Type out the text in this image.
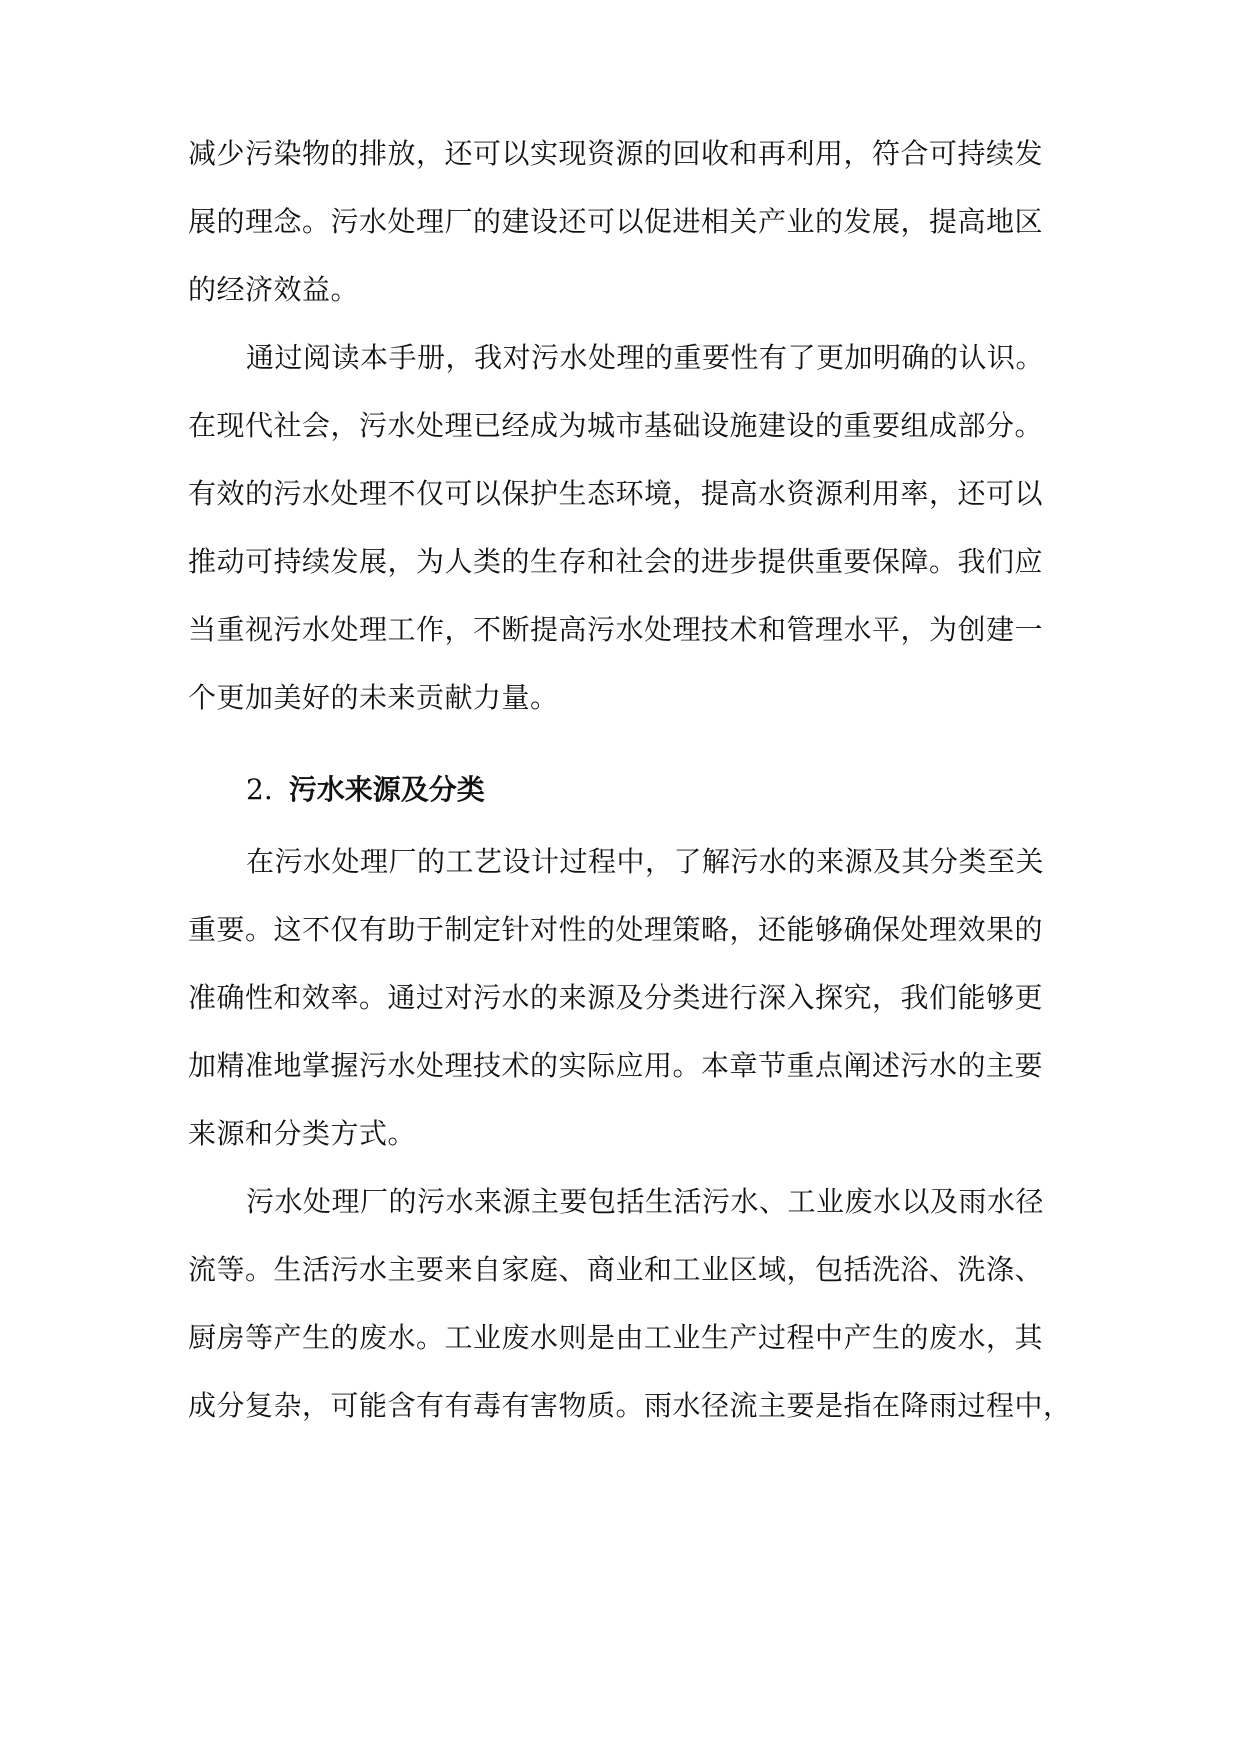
减少污染物的排放，还可以实现资源的回收和再利用，符合可持续发
展的理念。污水处理厂的建设还可以促进相关产业的发展，提高地区
的经济效益。
通过阅读本手册，我对污水处理的重要性有了更加明确的认识。
在现代社会，污水处理已经成为城市基础设施建设的重要组成部分。
有效的污水处理不仅可以保护生态环境，提高水资源利用率，还可以
推动可持续发展，为人类的生存和社会的进步提供重要保障。我们应
当重视污水处理工作，不断提高污水处理技术和管理水平，为创建一
个更加美好的未来贡献力量。
2. 污水来源及分类
在污水处理厂的工艺设计过程中，了解污水的来源及其分类至关
重要。这不仅有助于制定针对性的处理策略，还能够确保处理效果的
准确性和效率。通过对污水的来源及分类进行深入探究，我们能够更
加精准地掌握污水处理技术的实际应用。本章节重点阐述污水的主要
来源和分类方式。
污水处理厂的污水来源主要包括生活污水、工业废水以及雨水径
流等。生活污水主要来自家庭、商业和工业区域，包括洗浴、洗涤、
厨房等产生的废水。工业废水则是由工业生产过程中产生的废水，其
成分复杂，可能含有有毒有害物质。雨水径流主要是指在降雨过程中，
